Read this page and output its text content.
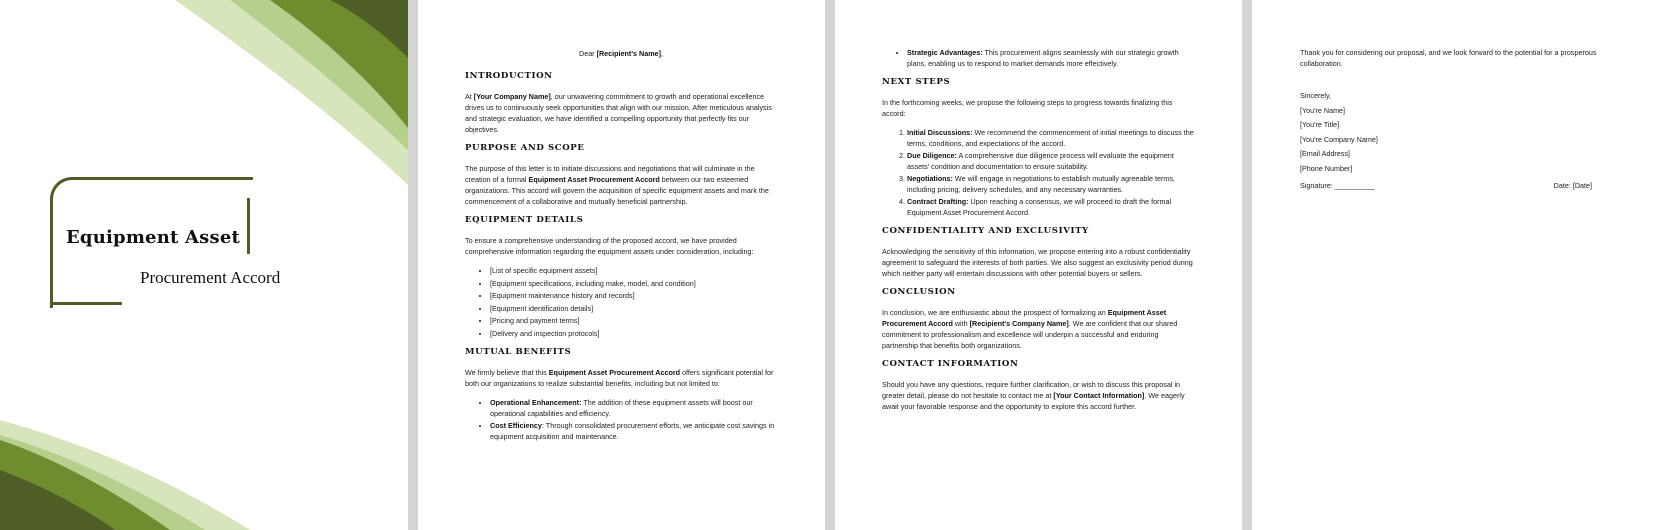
Equipment Asset
Procurement Accord
Dear [Recipient's Name],
INTRODUCTION

At [Your Company Name], our unwavering commitment to growth and operational excellence drives us to continuously seek opportunities that align with our mission. After meticulous analysis and strategic evaluation, we have identified a compelling opportunity that perfectly fits our objectives.

PURPOSE AND SCOPE

The purpose of this letter is to initiate discussions and negotiations that will culminate in the creation of a formal Equipment Asset Procurement Accord between our two esteemed organizations. This accord will govern the acquisition of specific equipment assets and mark the commencement of a collaborative and mutually beneficial partnership.

EQUIPMENT DETAILS

To ensure a comprehensive understanding of the proposed accord, we have provided comprehensive information regarding the equipment assets under consideration, including:

• [List of specific equipment assets]
• [Equipment specifications, including make, model, and condition]
• [Equipment maintenance history and records]
• [Equipment identification details]
• [Pricing and payment terms]
• [Delivery and inspection protocols]
MUTUAL BENEFITS

We firmly believe that this Equipment Asset Procurement Accord offers significant potential for both our organizations to realize substantial benefits, including but not limited to:

• Operational Enhancement: The addition of these equipment assets will boost our operational capabilities and efficiency.
• Cost Efficiency: Through consolidated procurement efforts, we anticipate cost savings in equipment acquisition and maintenance.
• Strategic Advantages: This procurement aligns seamlessly with our strategic growth plans, enabling us to respond to market demands more effectively.
NEXT STEPS

In the forthcoming weeks, we propose the following steps to progress towards finalizing this accord:

1. Initial Discussions: We recommend the commencement of initial meetings to discuss the terms, conditions, and expectations of the accord.
2. Due Diligence: A comprehensive due diligence process will evaluate the equipment assets' condition and documentation to ensure suitability.
3. Negotiations: We will engage in negotiations to establish mutually agreeable terms, including pricing, delivery schedules, and any necessary warranties.
4. Contract Drafting: Upon reaching a consensus, we will proceed to draft the formal Equipment Asset Procurement Accord.
CONFIDENTIALITY AND EXCLUSIVITY

Acknowledging the sensitivity of this information, we propose entering into a robust confidentiality agreement to safeguard the interests of both parties. We also suggest an exclusivity period during which neither party will entertain discussions with other potential buyers or sellers.

CONCLUSION

In conclusion, we are enthusiastic about the prospect of formalizing an Equipment Asset Procurement Accord with [Recipient's Company Name]. We are confident that our shared commitment to professionalism and excellence will underpin a successful and enduring partnership that benefits both organizations.

CONTACT INFORMATION

Should you have any questions, require further clarification, or wish to discuss this proposal in greater detail, please do not hesitate to contact me at [Your Contact Information]. We eagerly await your favorable response and the opportunity to explore this accord further.

Thank you for considering our proposal, and we look forward to the potential for a prosperous collaboration.

Sincerely,
[You're Name]
[You're Title]
[You're Company Name]
[Email Address]
[Phone Number]
Signature: __________	Date: [Date]
